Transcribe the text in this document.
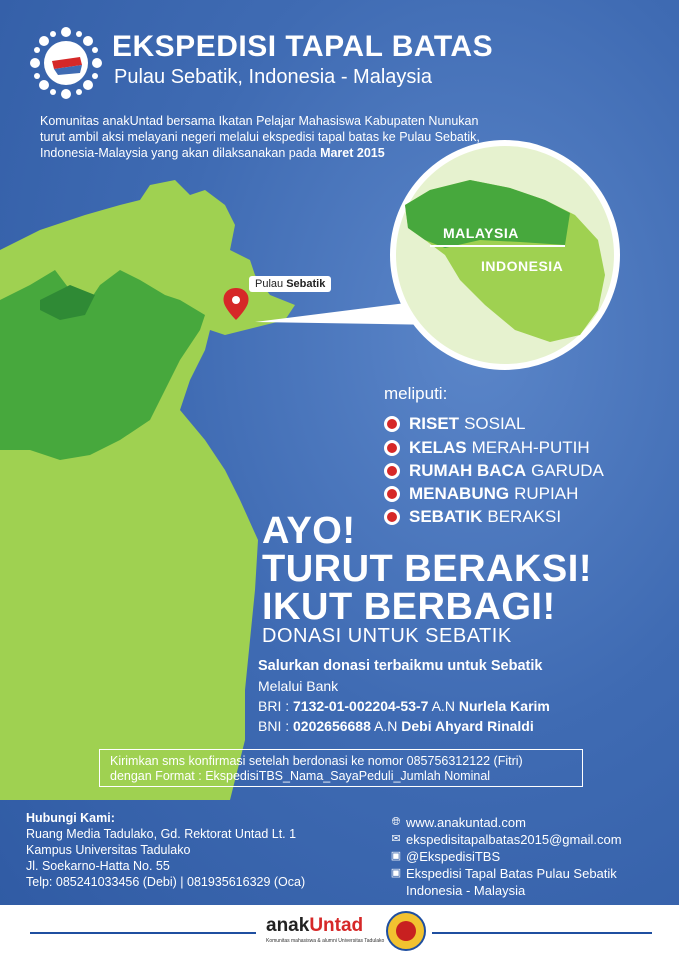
Pulau Sebatik
MALAYSIA
INDONESIA
EKSPEDISI TAPAL BATAS
Pulau Sebatik, Indonesia - Malaysia
Komunitas anakUntad bersama Ikatan Pelajar Mahasiswa Kabupaten Nunukan turut ambil aksi melayani negeri melalui ekspedisi tapal batas ke Pulau Sebatik, Indonesia-Malaysia yang akan dilaksanakan pada Maret 2015
meliputi:
RISET SOSIAL
KELAS MERAH-PUTIH
RUMAH BACA GARUDA
MENABUNG RUPIAH
SEBATIK BERAKSI
AYO!
TURUT BERAKSI!
IKUT BERBAGI!
DONASI UNTUK SEBATIK
Salurkan donasi terbaikmu untuk Sebatik
Melalui Bank
BRI : 7132-01-002204-53-7 A.N Nurlela Karim
BNI : 0202656688 A.N Debi Ahyard Rinaldi
Kirimkan sms konfirmasi setelah berdonasi ke nomor 085756312122 (Fitri)
dengan Format : EkspedisiTBS_Nama_SayaPeduli_Jumlah Nominal
Hubungi Kami:
Ruang Media Tadulako, Gd. Rektorat Untad Lt. 1
Kampus Universitas Tadulako
Jl. Soekarno-Hatta No. 55
Telp: 085241033456 (Debi) | 081935616329 (Oca)
🌐︎ www.anakuntad.com
✉ ekspedisitapalbatas2015@gmail.com
▣ @EkspedisiTBS
▣ Ekspedisi Tapal Batas Pulau Sebatik
Indonesia - Malaysia
anakUntad
Komunitas mahasiswa & alumni Universitas Tadulako
